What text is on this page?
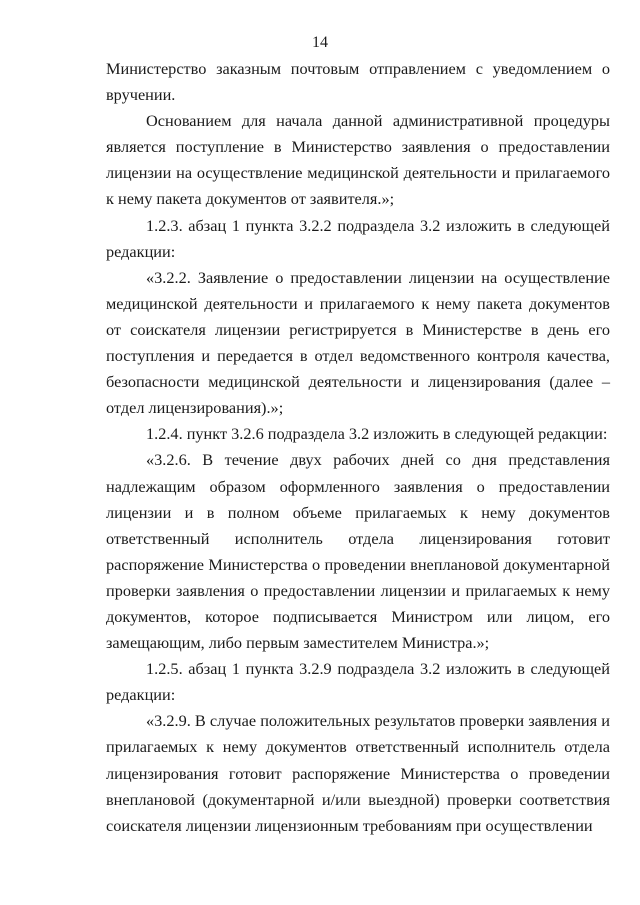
14

Министерство заказным почтовым отправлением с уведомлением о вручении.

Основанием для начала данной административной процедуры является поступление в Министерство заявления о предоставлении лицензии на осуществление медицинской деятельности и прилагаемого к нему пакета документов от заявителя.»;

1.2.3. абзац 1 пункта 3.2.2 подраздела 3.2 изложить в следующей редакции:

«3.2.2. Заявление о предоставлении лицензии на осуществление медицинской деятельности и прилагаемого к нему пакета документов от соискателя лицензии регистрируется в Министерстве в день его поступления и передается в отдел ведомственного контроля качества, безопасности медицинской деятельности и лицензирования (далее – отдел лицензирования).»;

1.2.4. пункт 3.2.6 подраздела 3.2 изложить в следующей редакции:

«3.2.6. В течение двух рабочих дней со дня представления надлежащим образом оформленного заявления о предоставлении лицензии и в полном объеме прилагаемых к нему документов ответственный исполнитель отдела лицензирования готовит распоряжение Министерства о проведении внеплановой документарной проверки заявления о предоставлении лицензии и прилагаемых к нему документов, которое подписывается Министром или лицом, его замещающим, либо первым заместителем Министра.»;

1.2.5. абзац 1 пункта 3.2.9 подраздела 3.2 изложить в следующей редакции:

«3.2.9. В случае положительных результатов проверки заявления и прилагаемых к нему документов ответственный исполнитель отдела лицензирования готовит распоряжение Министерства о проведении внеплановой (документарной и/или выездной) проверки соответствия соискателя лицензии лицензионным требованиям при осуществлении
